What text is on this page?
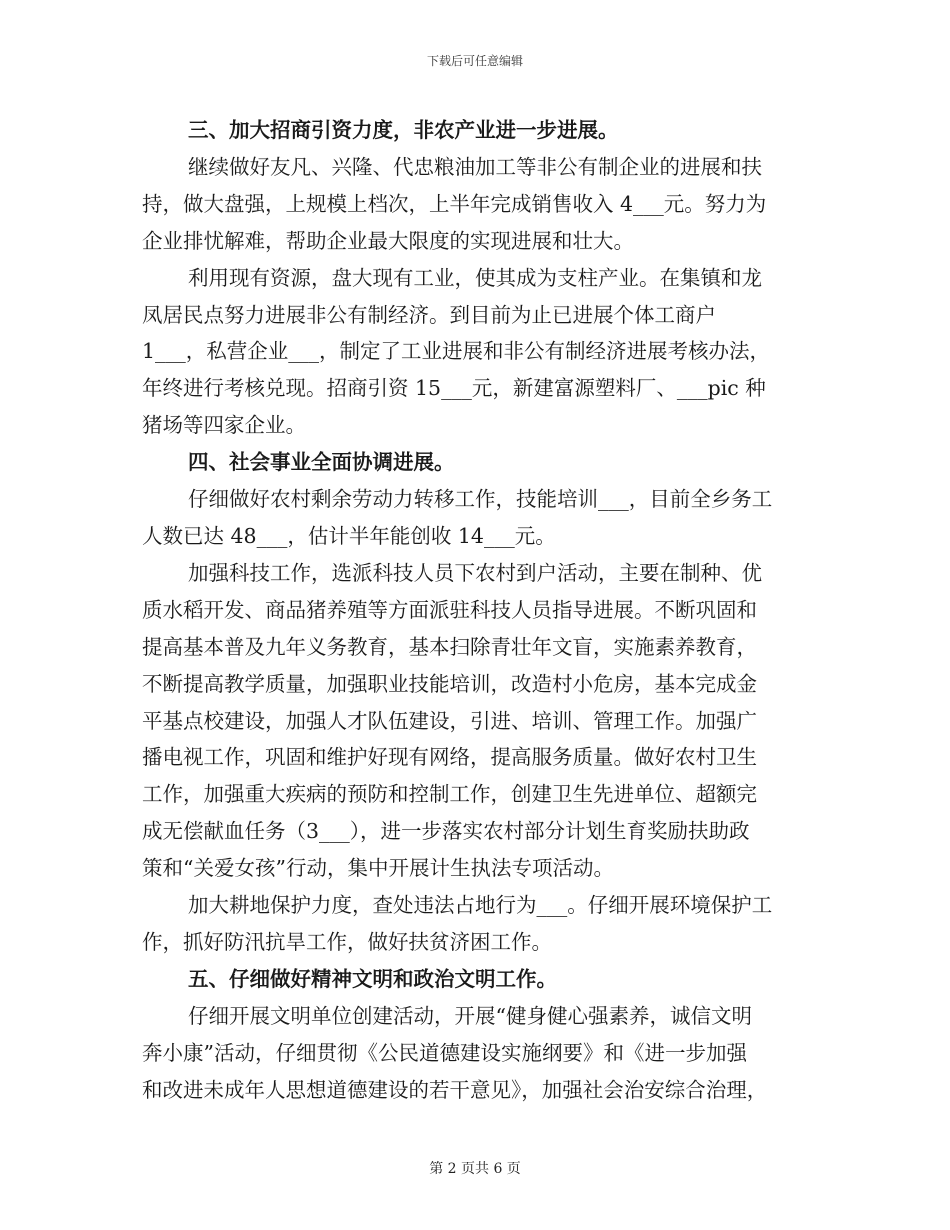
下载后可任意编辑
三、加大招商引资力度，非农产业进一步进展。
继续做好友凡、兴隆、代忠粮油加工等非公有制企业的进展和扶
持，做大盘强，上规模上档次，上半年完成销售收入 4___元。努力为
企业排忧解难，帮助企业最大限度的实现进展和壮大。
利用现有资源，盘大现有工业，使其成为支柱产业。在集镇和龙
凤居民点努力进展非公有制经济。到目前为止已进展个体工商户
1___，私营企业___，制定了工业进展和非公有制经济进展考核办法，
年终进行考核兑现。招商引资 15___元，新建富源塑料厂、___pic 种
猪场等四家企业。
四、社会事业全面协调进展。
仔细做好农村剩余劳动力转移工作，技能培训___，目前全乡务工
人数已达 48___，估计半年能创收 14___元。
加强科技工作，选派科技人员下农村到户活动，主要在制种、优
质水稻开发、商品猪养殖等方面派驻科技人员指导进展。不断巩固和
提高基本普及九年义务教育，基本扫除青壮年文盲，实施素养教育，
不断提高教学质量，加强职业技能培训，改造村小危房，基本完成金
平基点校建设，加强人才队伍建设，引进、培训、管理工作。加强广
播电视工作，巩固和维护好现有网络，提高服务质量。做好农村卫生
工作，加强重大疾病的预防和控制工作，创建卫生先进单位、超额完
成无偿献血任务（3___），进一步落实农村部分计划生育奖励扶助政
策和“关爱女孩”行动，集中开展计生执法专项活动。
加大耕地保护力度，查处违法占地行为___。仔细开展环境保护工
作，抓好防汛抗旱工作，做好扶贫济困工作。
五、仔细做好精神文明和政治文明工作。
仔细开展文明单位创建活动，开展“健身健心强素养，诚信文明
奔小康”活动，仔细贯彻《公民道德建设实施纲要》和《进一步加强
和改进未成年人思想道德建设的若干意见》，加强社会治安综合治理，
第 2 页共 6 页
